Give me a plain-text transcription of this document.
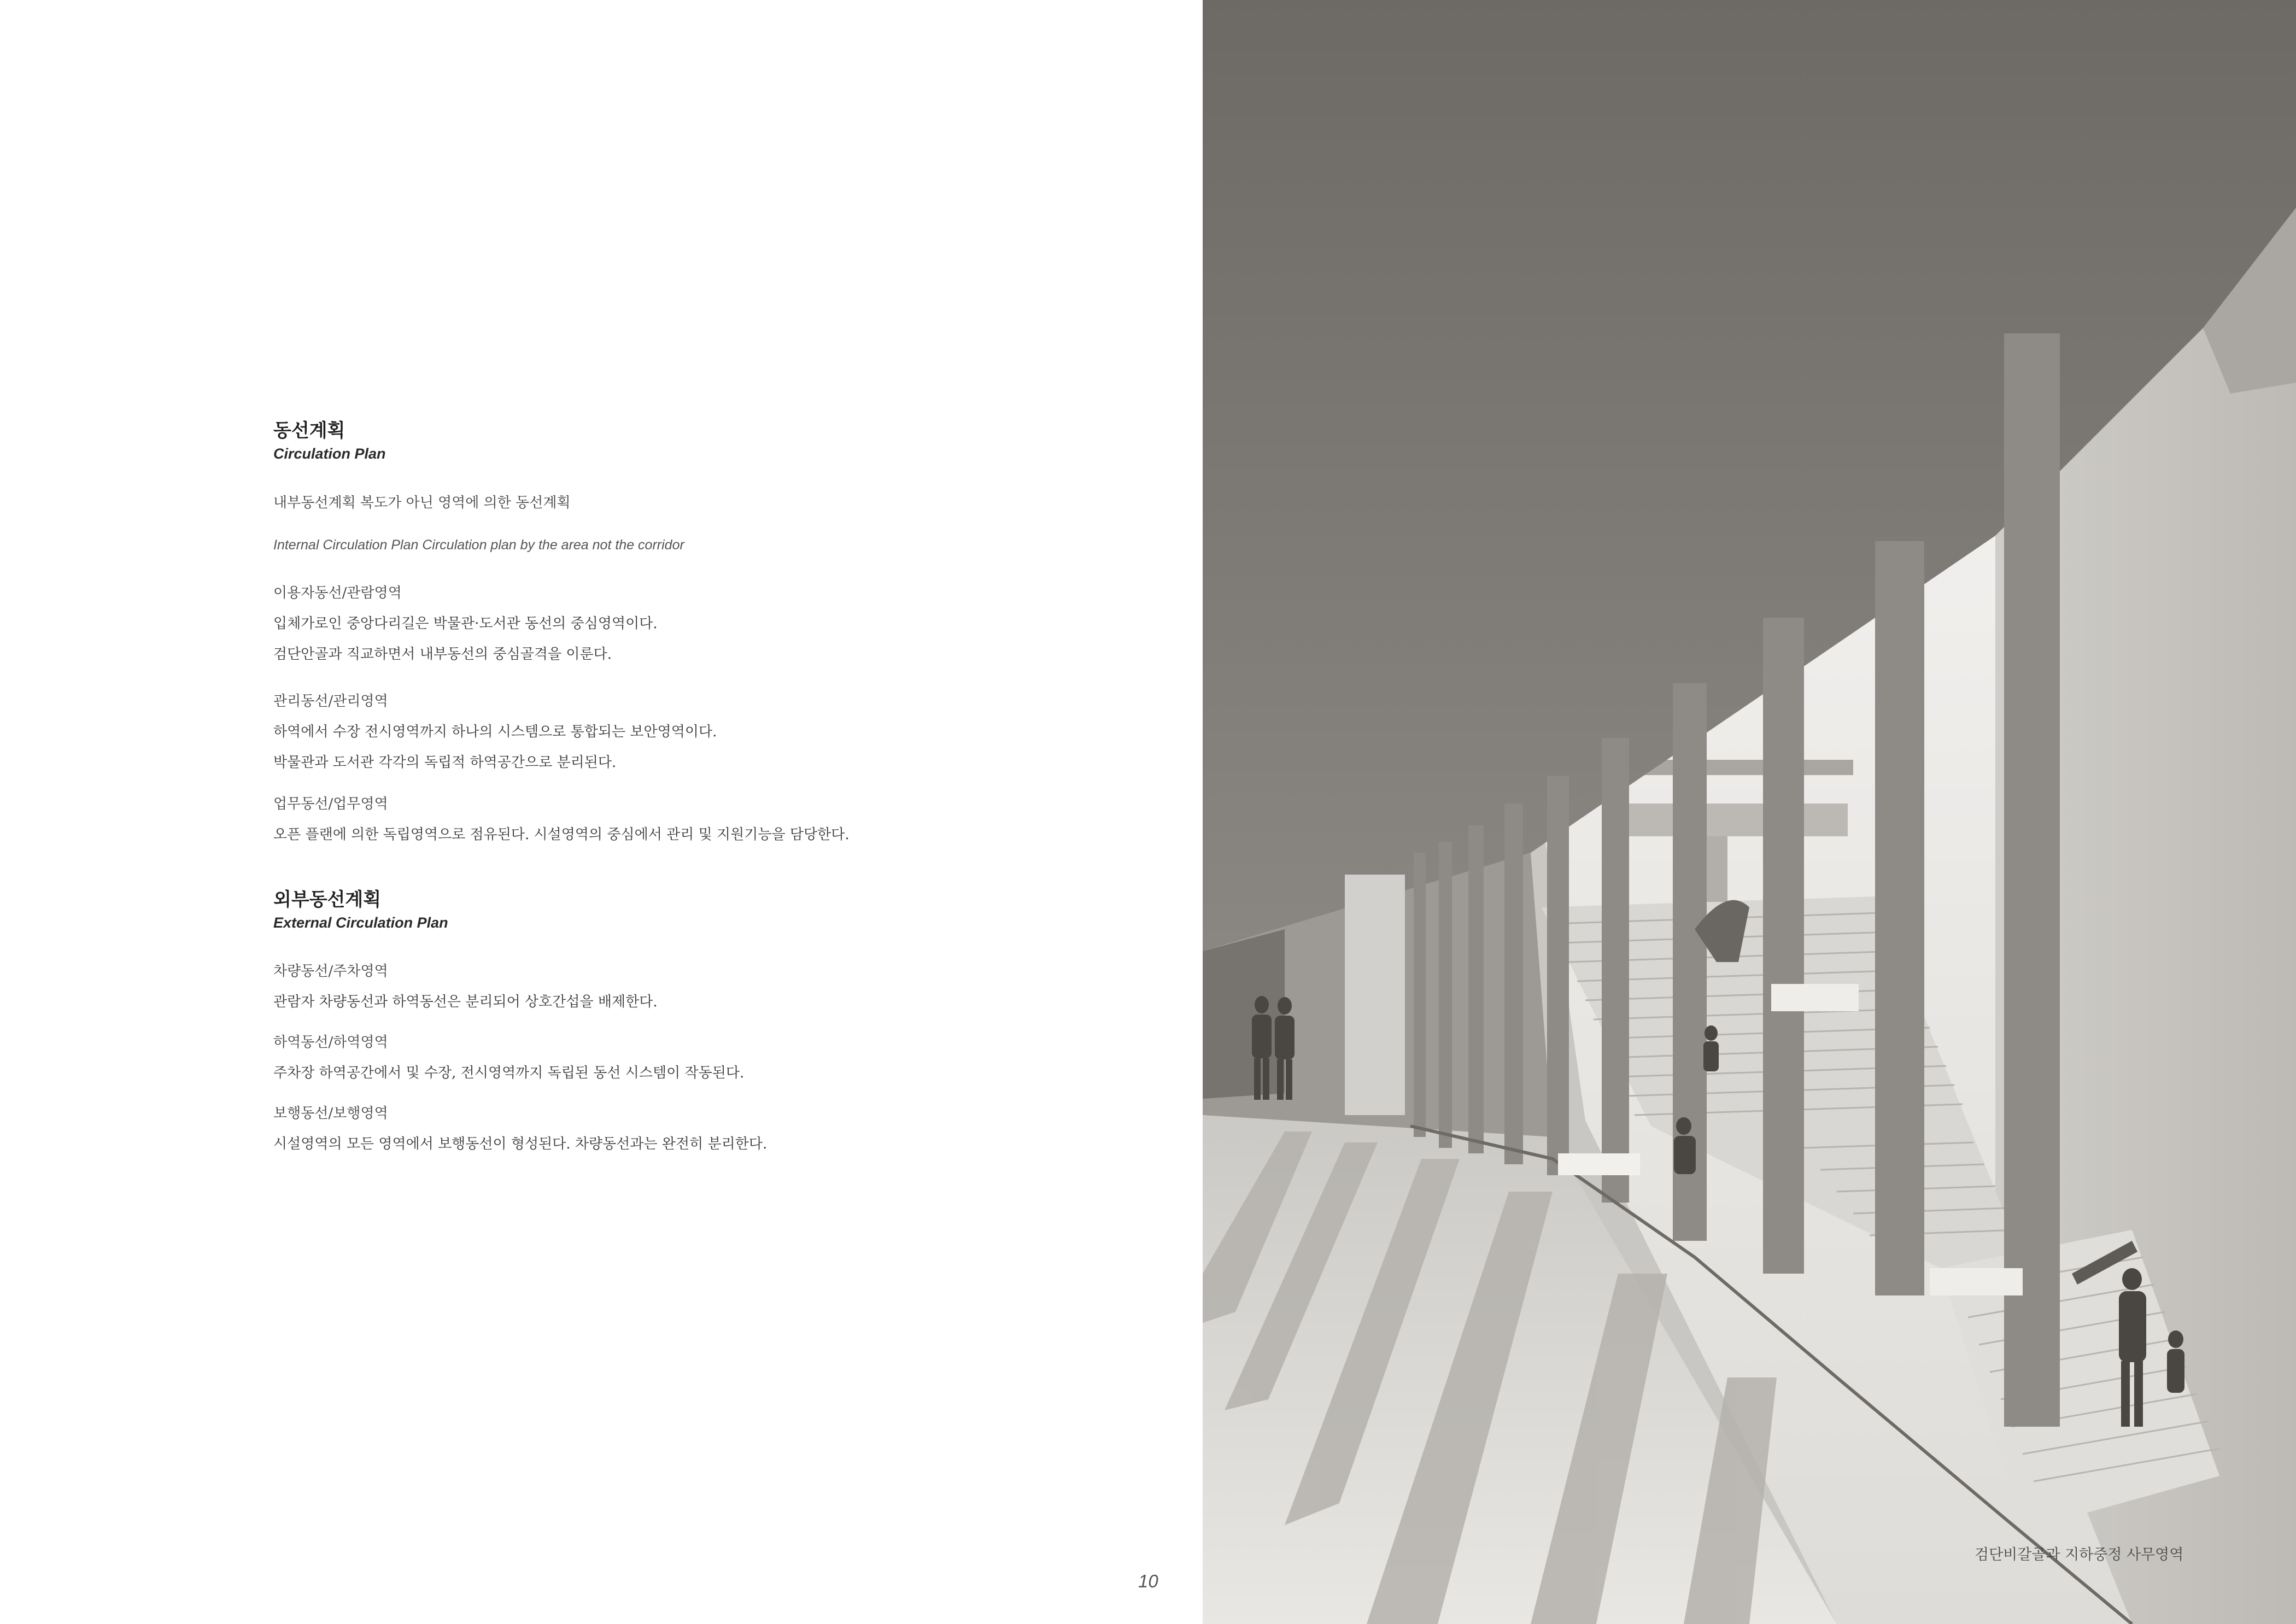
동선계획

Circulation Plan

내부동선계획 복도가 아닌 영역에 의한 동선계획

Internal Circulation Plan Circulation plan by the area not the corridor

이용자동선/관람영역

입체가로인 중앙다리길은 박물관·도서관 동선의 중심영역이다.

검단안골과 직교하면서 내부동선의 중심골격을 이룬다.

관리동선/관리영역

하역에서 수장 전시영역까지 하나의 시스템으로 통합되는 보안영역이다.

박물관과 도서관 각각의 독립적 하역공간으로 분리된다.

업무동선/업무영역

오픈 플랜에 의한 독립영역으로 점유된다. 시설영역의 중심에서 관리 및 지원기능을 담당한다.

외부동선계획

External Circulation Plan

차량동선/주차영역

관람자 차량동선과 하역동선은 분리되어 상호간섭을 배제한다.

하역동선/하역영역

주차장 하역공간에서 및 수장, 전시영역까지 독립된 동선 시스템이 작동된다.

보행동선/보행영역

시설영역의 모든 영역에서 보행동선이 형성된다. 차량동선과는 완전히 분리한다.

10
검단비갈골과 지하중정 사무영역
